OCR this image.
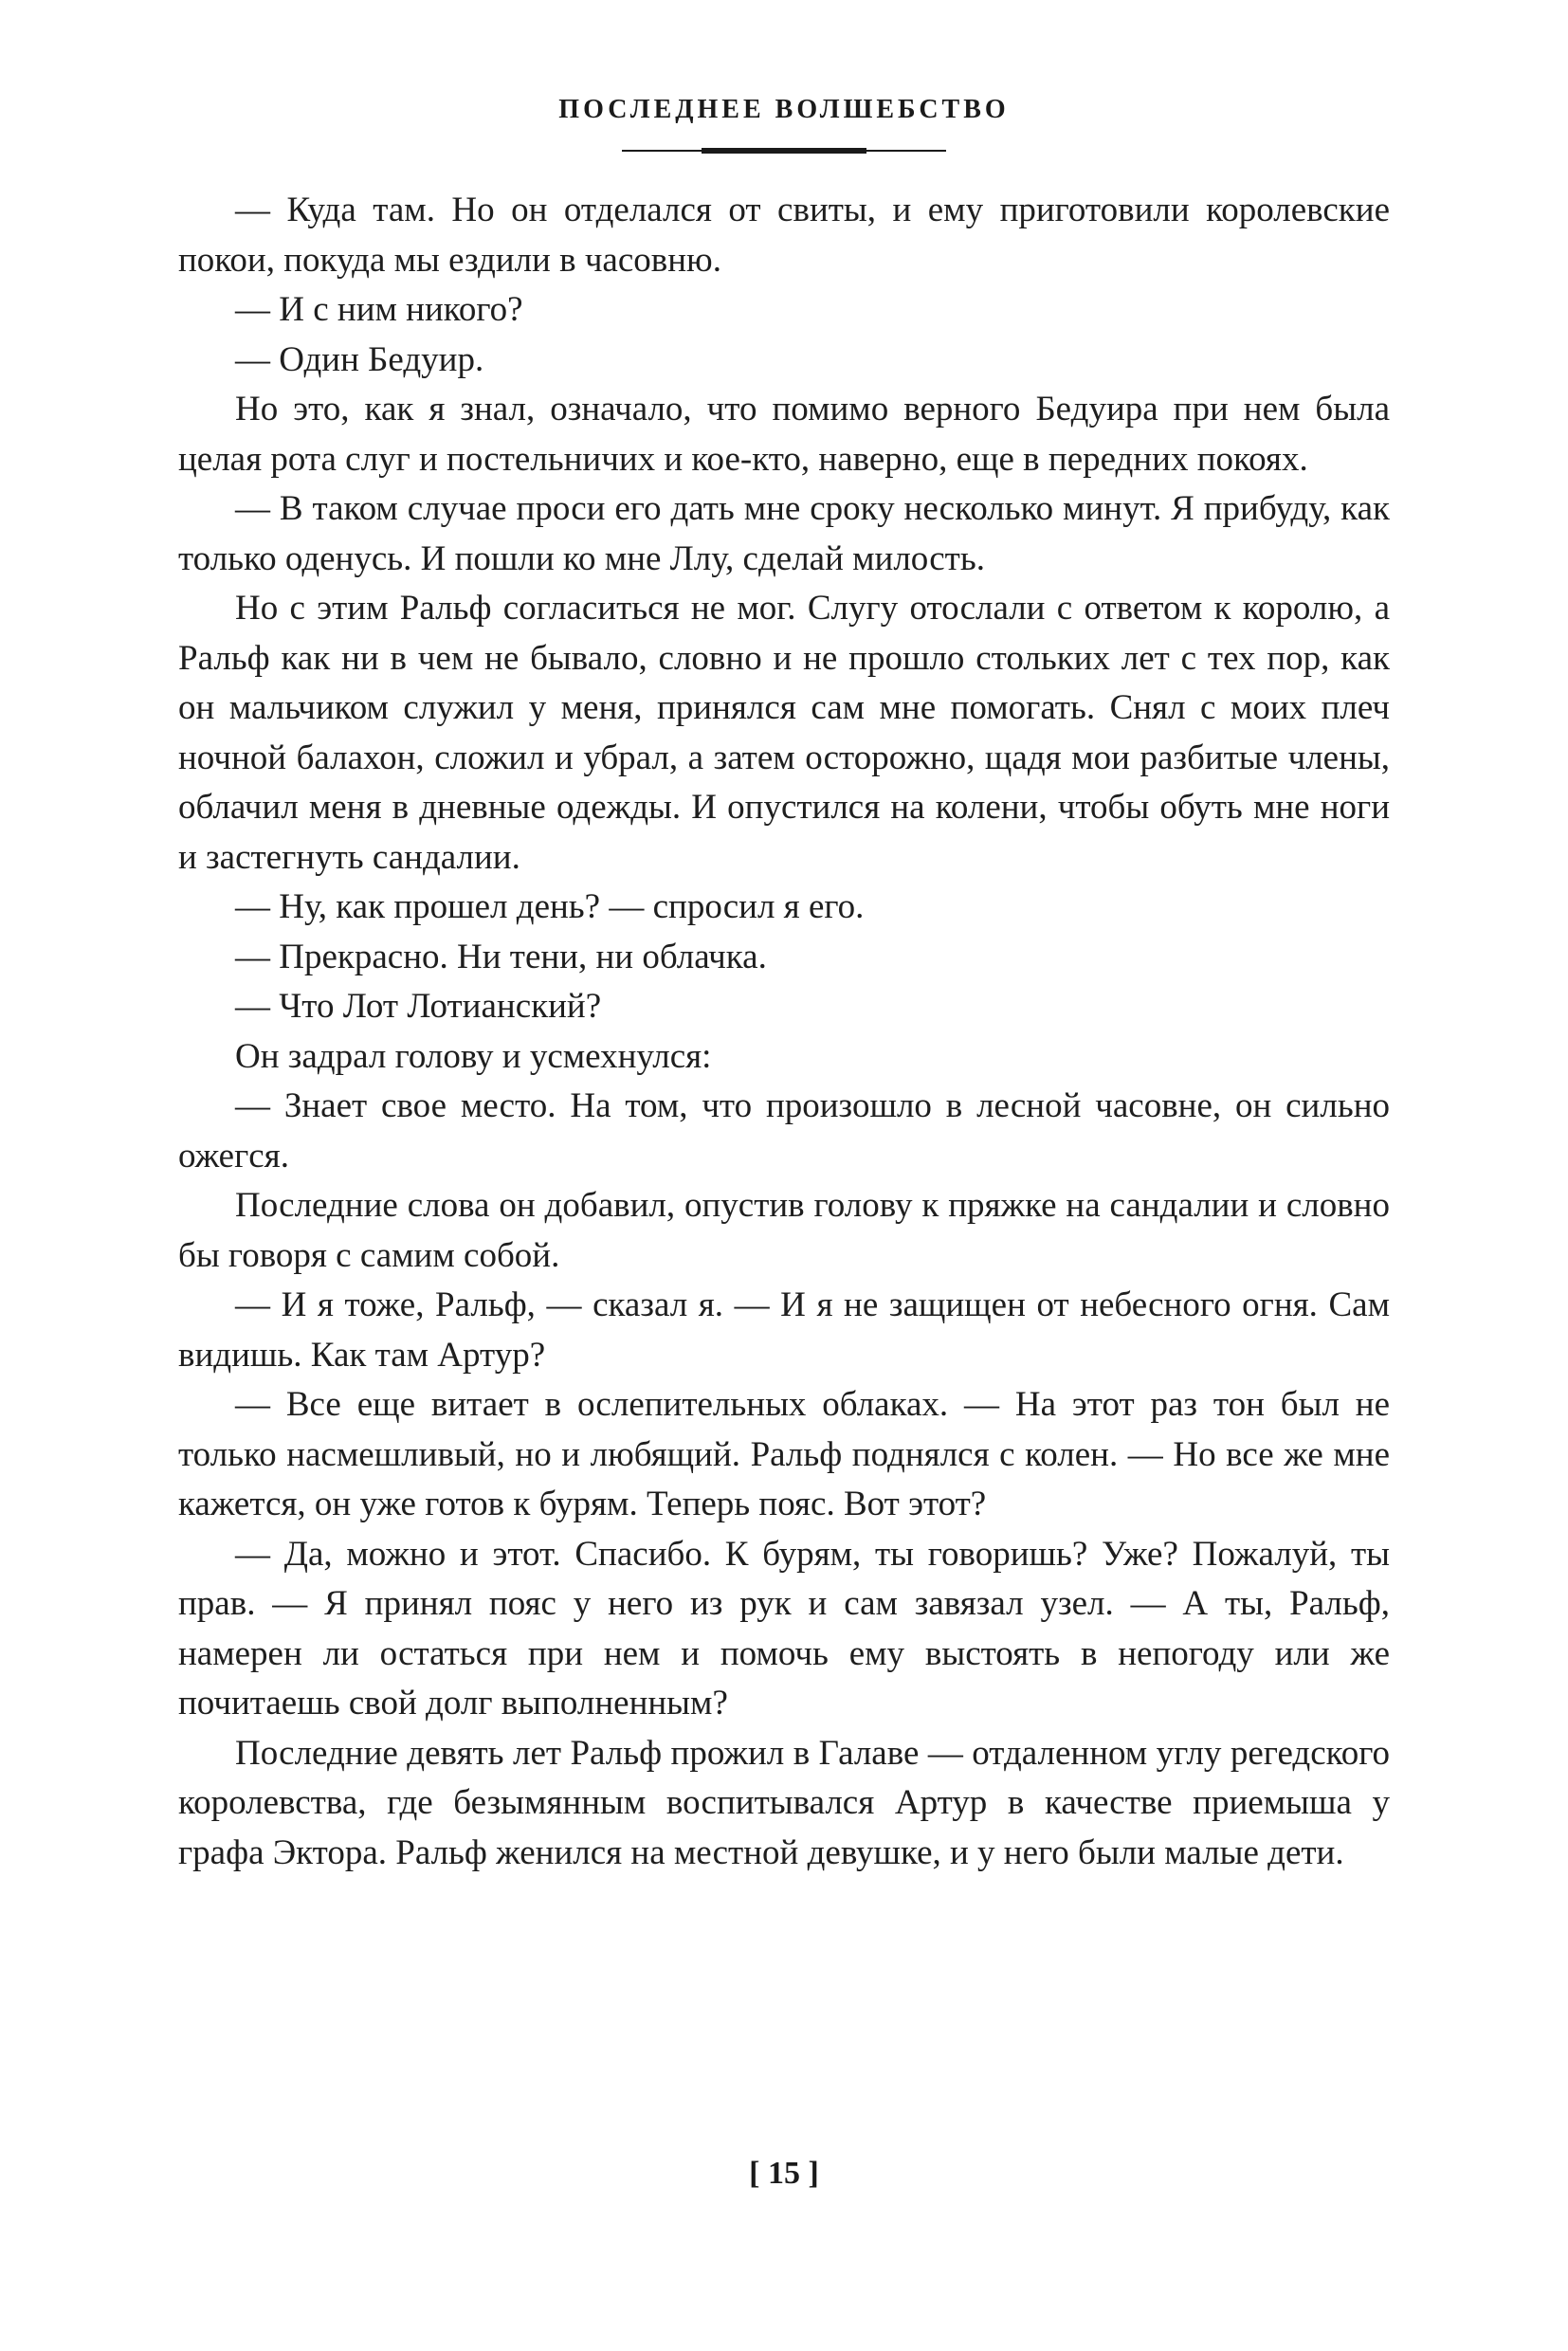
ПОСЛЕДНЕЕ ВОЛШЕБСТВО

— Куда там. Но он отделался от свиты, и ему приготовили королевские покои, покуда мы ездили в часовню.

— И с ним никого?

— Один Бедуир.

Но это, как я знал, означало, что помимо верного Бедуира при нем была целая рота слуг и постельничих и кое-кто, наверно, еще в передних покоях.

— В таком случае проси его дать мне сроку несколько минут. Я прибуду, как только оденусь. И пошли ко мне Ллу, сделай милость.

Но с этим Ральф согласиться не мог. Слугу отослали с ответом к королю, а Ральф как ни в чем не бывало, словно и не прошло стольких лет с тех пор, как он мальчиком служил у меня, принялся сам мне помогать. Снял с моих плеч ночной балахон, сложил и убрал, а затем осторожно, щадя мои разбитые члены, облачил меня в дневные одежды. И опустился на колени, чтобы обуть мне ноги и застегнуть сандалии.

— Ну, как прошел день? — спросил я его.

— Прекрасно. Ни тени, ни облачка.

— Что Лот Лотианский?

Он задрал голову и усмехнулся:

— Знает свое место. На том, что произошло в лесной часовне, он сильно ожегся.

Последние слова он добавил, опустив голову к пряжке на сандалии и словно бы говоря с самим собой.

— И я тоже, Ральф, — сказал я. — И я не защищен от небесного огня. Сам видишь. Как там Артур?

— Все еще витает в ослепительных облаках. — На этот раз тон был не только насмешливый, но и любящий. Ральф поднялся с колен. — Но все же мне кажется, он уже готов к бурям. Теперь пояс. Вот этот?

— Да, можно и этот. Спасибо. К бурям, ты говоришь? Уже? Пожалуй, ты прав. — Я принял пояс у него из рук и сам завязал узел. — А ты, Ральф, намерен ли остаться при нем и помочь ему выстоять в непогоду или же почитаешь свой долг выполненным?

Последние девять лет Ральф прожил в Галаве — отдаленном углу регедского королевства, где безымянным воспитывался Артур в качестве приемыша у графа Эктора. Ральф женился на местной девушке, и у него были малые дети.

[ 15 ]
